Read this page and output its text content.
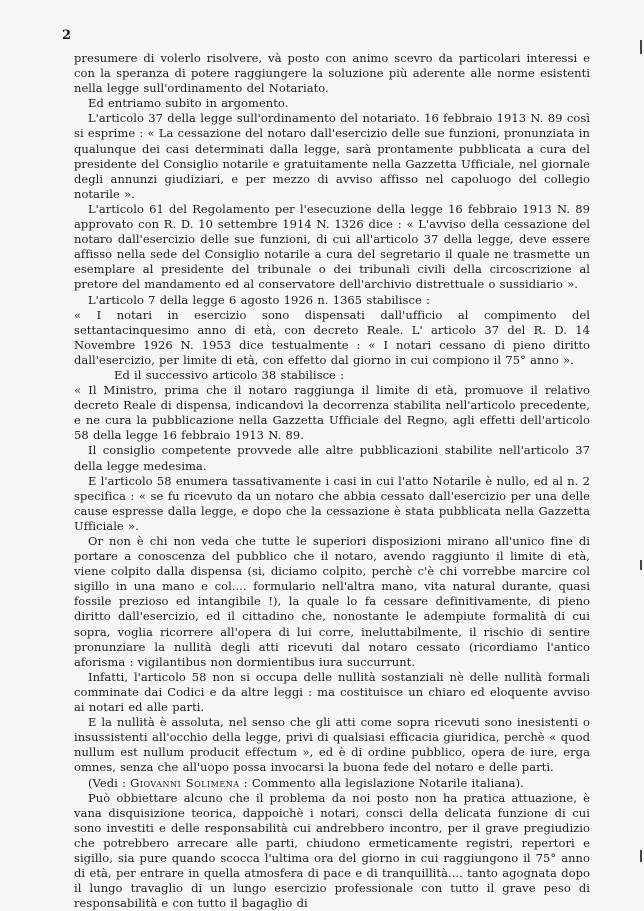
2

presumere di volerlo risolvere, và posto con animo scevro da particolari interessi e con la speranza di potere raggiungere la soluzione più aderente alle norme esistenti nella legge sull'ordinamento del Notariato.

Ed entriamo subito in argomento.

L'articolo 37 della legge sull'ordinamento del notariato. 16 febbraio 1913 N. 89 così si esprime : « La cessazione del notaro dall'esercizio delle sue funzioni, pronunziata in qualunque dei casi determinati dalla legge, sarà prontamente pubblicata a cura del presidente del Consiglio notarile e gratuitamente nella Gazzetta Ufficiale, nel giornale degli annunzi giudiziari, e per mezzo di avviso affisso nel capoluogo del collegio notarile ».

L'articolo 61 del Regolamento per l'esecuzione della legge 16 febbraio 1913 N. 89 approvato con R. D. 10 settembre 1914 N. 1326 dice : « L'avviso della cessazione del notaro dall'esercizio delle sue funzioni, di cui all'articolo 37 della legge, deve essere affisso nella sede del Consiglio notarile a cura del segretario il quale ne trasmette un esemplare al presidente del tribunale o dei tribunali civili della circoscrizione al pretore del mandamento ed al conservatore dell'archivio distrettuale o sussidiario ».

L'articolo 7 della legge 6 agosto 1926 n. 1365 stabilisce :

« I notari in esercizio sono dispensati dall'ufficio al compimento del settantacinquesimo anno di età, con decreto Reale. L' articolo 37 del R. D. 14 Novembre 1926 N. 1953 dice testualmente : « I notari cessano di pieno diritto dall'esercizio, per limite di età, con effetto dal giorno in cui compiono il 75° anno ».

Ed il successivo articolo 38 stabilisce :

« Il Ministro, prima che il notaro raggiunga il limite di età, promuove il relativo decreto Reale di dispensa, indicandovi la decorrenza stabilita nell'articolo precedente, e ne cura la pubblicazione nella Gazzetta Ufficiale del Regno, agli effetti dell'articolo 58 della legge 16 febbraio 1913 N. 89.

Il consiglio competente provvede alle altre pubblicazioni stabilite nell'articolo 37 della legge medesima.

E l'articolo 58 enumera tassativamente i casi in cui l'atto Notarile è nullo, ed al n. 2 specifica : « se fu ricevuto da un notaro che abbia cessato dall'esercizio per una delle cause espresse dalla legge, e dopo che la cessazione è stata pubblicata nella Gazzetta Ufficiale ».

Or non è chi non veda che tutte le superiori disposizioni mirano all'unico fine di portare a conoscenza del pubblico che il notaro, avendo raggiunto il limite di età, viene colpito dalla dispensa (si, diciamo colpito, perchè c'è chi vorrebbe marcire col sigillo in una mano e col.... formulario nell'altra mano, vita natural durante, quasi fossile prezioso ed intangibile !), la quale lo fa cessare definitivamente, di pieno diritto dall'esercizio, ed il cittadino che, nonostante le adempiute formalità di cui sopra, voglia ricorrere all'opera di lui corre, ineluttabilmente, il rischio di sentire pronunziare la nullità degli atti ricevuti dal notaro cessato (ricordiamo l'antico aforisma : vigilantibus non dormientibus iura succurrunt.

Infatti, l'articolo 58 non si occupa delle nullità sostanziali nè delle nullità formali comminate dai Codici e da altre leggi : ma costituisce un chiaro ed eloquente avviso ai notari ed alle parti.

E la nullità è assoluta, nel senso che gli atti come sopra ricevuti sono inesistenti o insussistenti all'occhio della legge, privi di qualsiasi efficacia giuridica, perchè « quod nullum est nullum producit effectum », ed è di ordine pubblico, opera de iure, erga omnes, senza che all'uopo possa invocarsi la buona fede del notaro e delle parti.

(Vedi : Giovanni Solimena : Commento alla legislazione Notarile italiana).

Può obbiettare alcuno che il problema da noi posto non ha pratica attuazione, è vana disquisizione teorica, dappoichè i notari, consci della delicata funzione di cui sono investiti e delle responsabilità cui andrebbero incontro, per il grave pregiudizio che potrebbero arrecare alle parti, chiudono ermeticamente registri, repertori e sigillo, sia pure quando scocca l'ultima ora del giorno in cui raggiungono il 75° anno di età, per entrare in quella atmosfera di pace e di tranquillità.... tanto agognata dopo il lungo travaglio di un lungo esercizio professionale con tutto il grave peso di responsabilità e con tutto il bagaglio di
